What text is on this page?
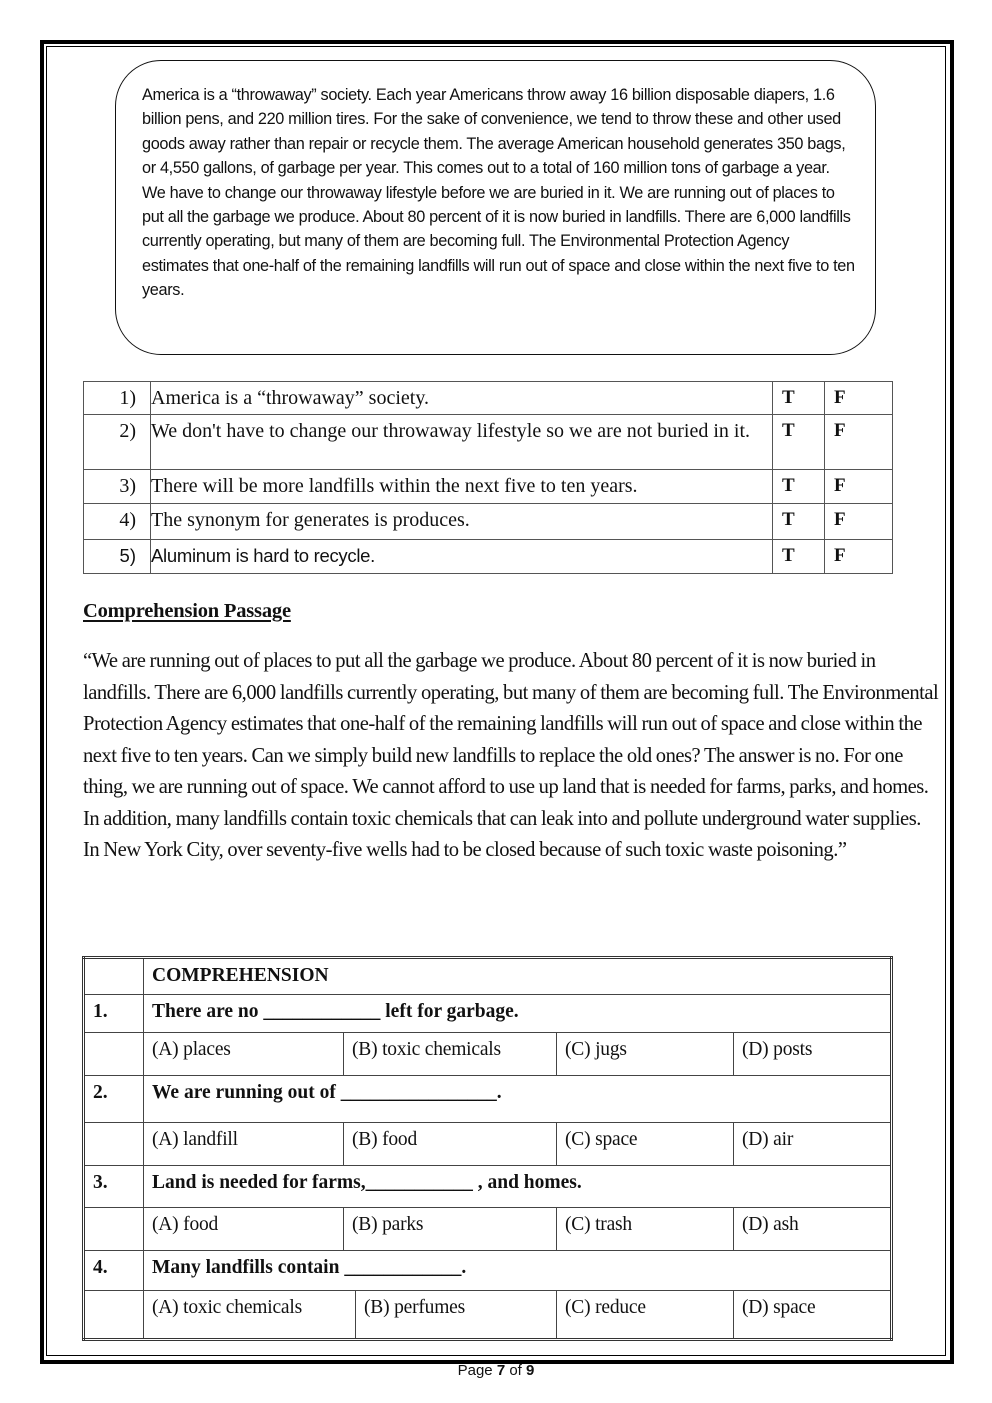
America is a “throwaway” society. Each year Americans throw away 16 billion disposable diapers, 1.6 billion pens, and 220 million tires. For the sake of convenience, we tend to throw these and other used goods away rather than repair or recycle them. The average American household generates 350 bags, or 4,550 gallons, of garbage per year. This comes out to a total of 160 million tons of garbage a year. We have to change our throwaway lifestyle before we are buried in it. We are running out of places to put all the garbage we produce. About 80 percent of it is now buried in landfills. There are 6,000 landfills currently operating, but many of them are becoming full. The Environmental Protection Agency estimates that one-half of the remaining landfills will run out of space and close within the next five to ten years.

1)	America is a “throwaway” society.	T	F
2)	We don't have to change our throwaway lifestyle so we are not buried in it.	T	F
3)	There will be more landfills within the next five to ten years.	T	F
4)	The synonym for generates is produces.	T	F
5)	Aluminum is hard to recycle.	T	F
Comprehension Passage

“We are running out of places to put all the garbage we produce. About 80 percent of it is now buried in landfills. There are 6,000 landfills currently operating, but many of them are becoming full. The Environmental Protection Agency estimates that one-half of the remaining landfills will run out of space and close within the next five to ten years. Can we simply build new landfills to replace the old ones? The answer is no. For one thing, we are running out of space. We cannot afford to use up land that is needed for farms, parks, and homes. In addition, many landfills contain toxic chemicals that can leak into and pollute underground water supplies. In New York City, over seventy-five wells had to be closed because of such toxic waste poisoning.”

	COMPREHENSION
1.	There are no ____________ left for garbage.

	(A) places (B) toxic chemicals (C) jugs (D) posts

2.	We are running out of ________________.

	(A) landfill (B) food (C) space (D) air

3.	Land is needed for farms,___________ , and homes.

	(A) food (B) parks (C) trash (D) ash

4.	Many landfills contain ____________.

	(A) toxic chemicals (B) perfumes (C) reduce (D) space
Page 7 of 9
